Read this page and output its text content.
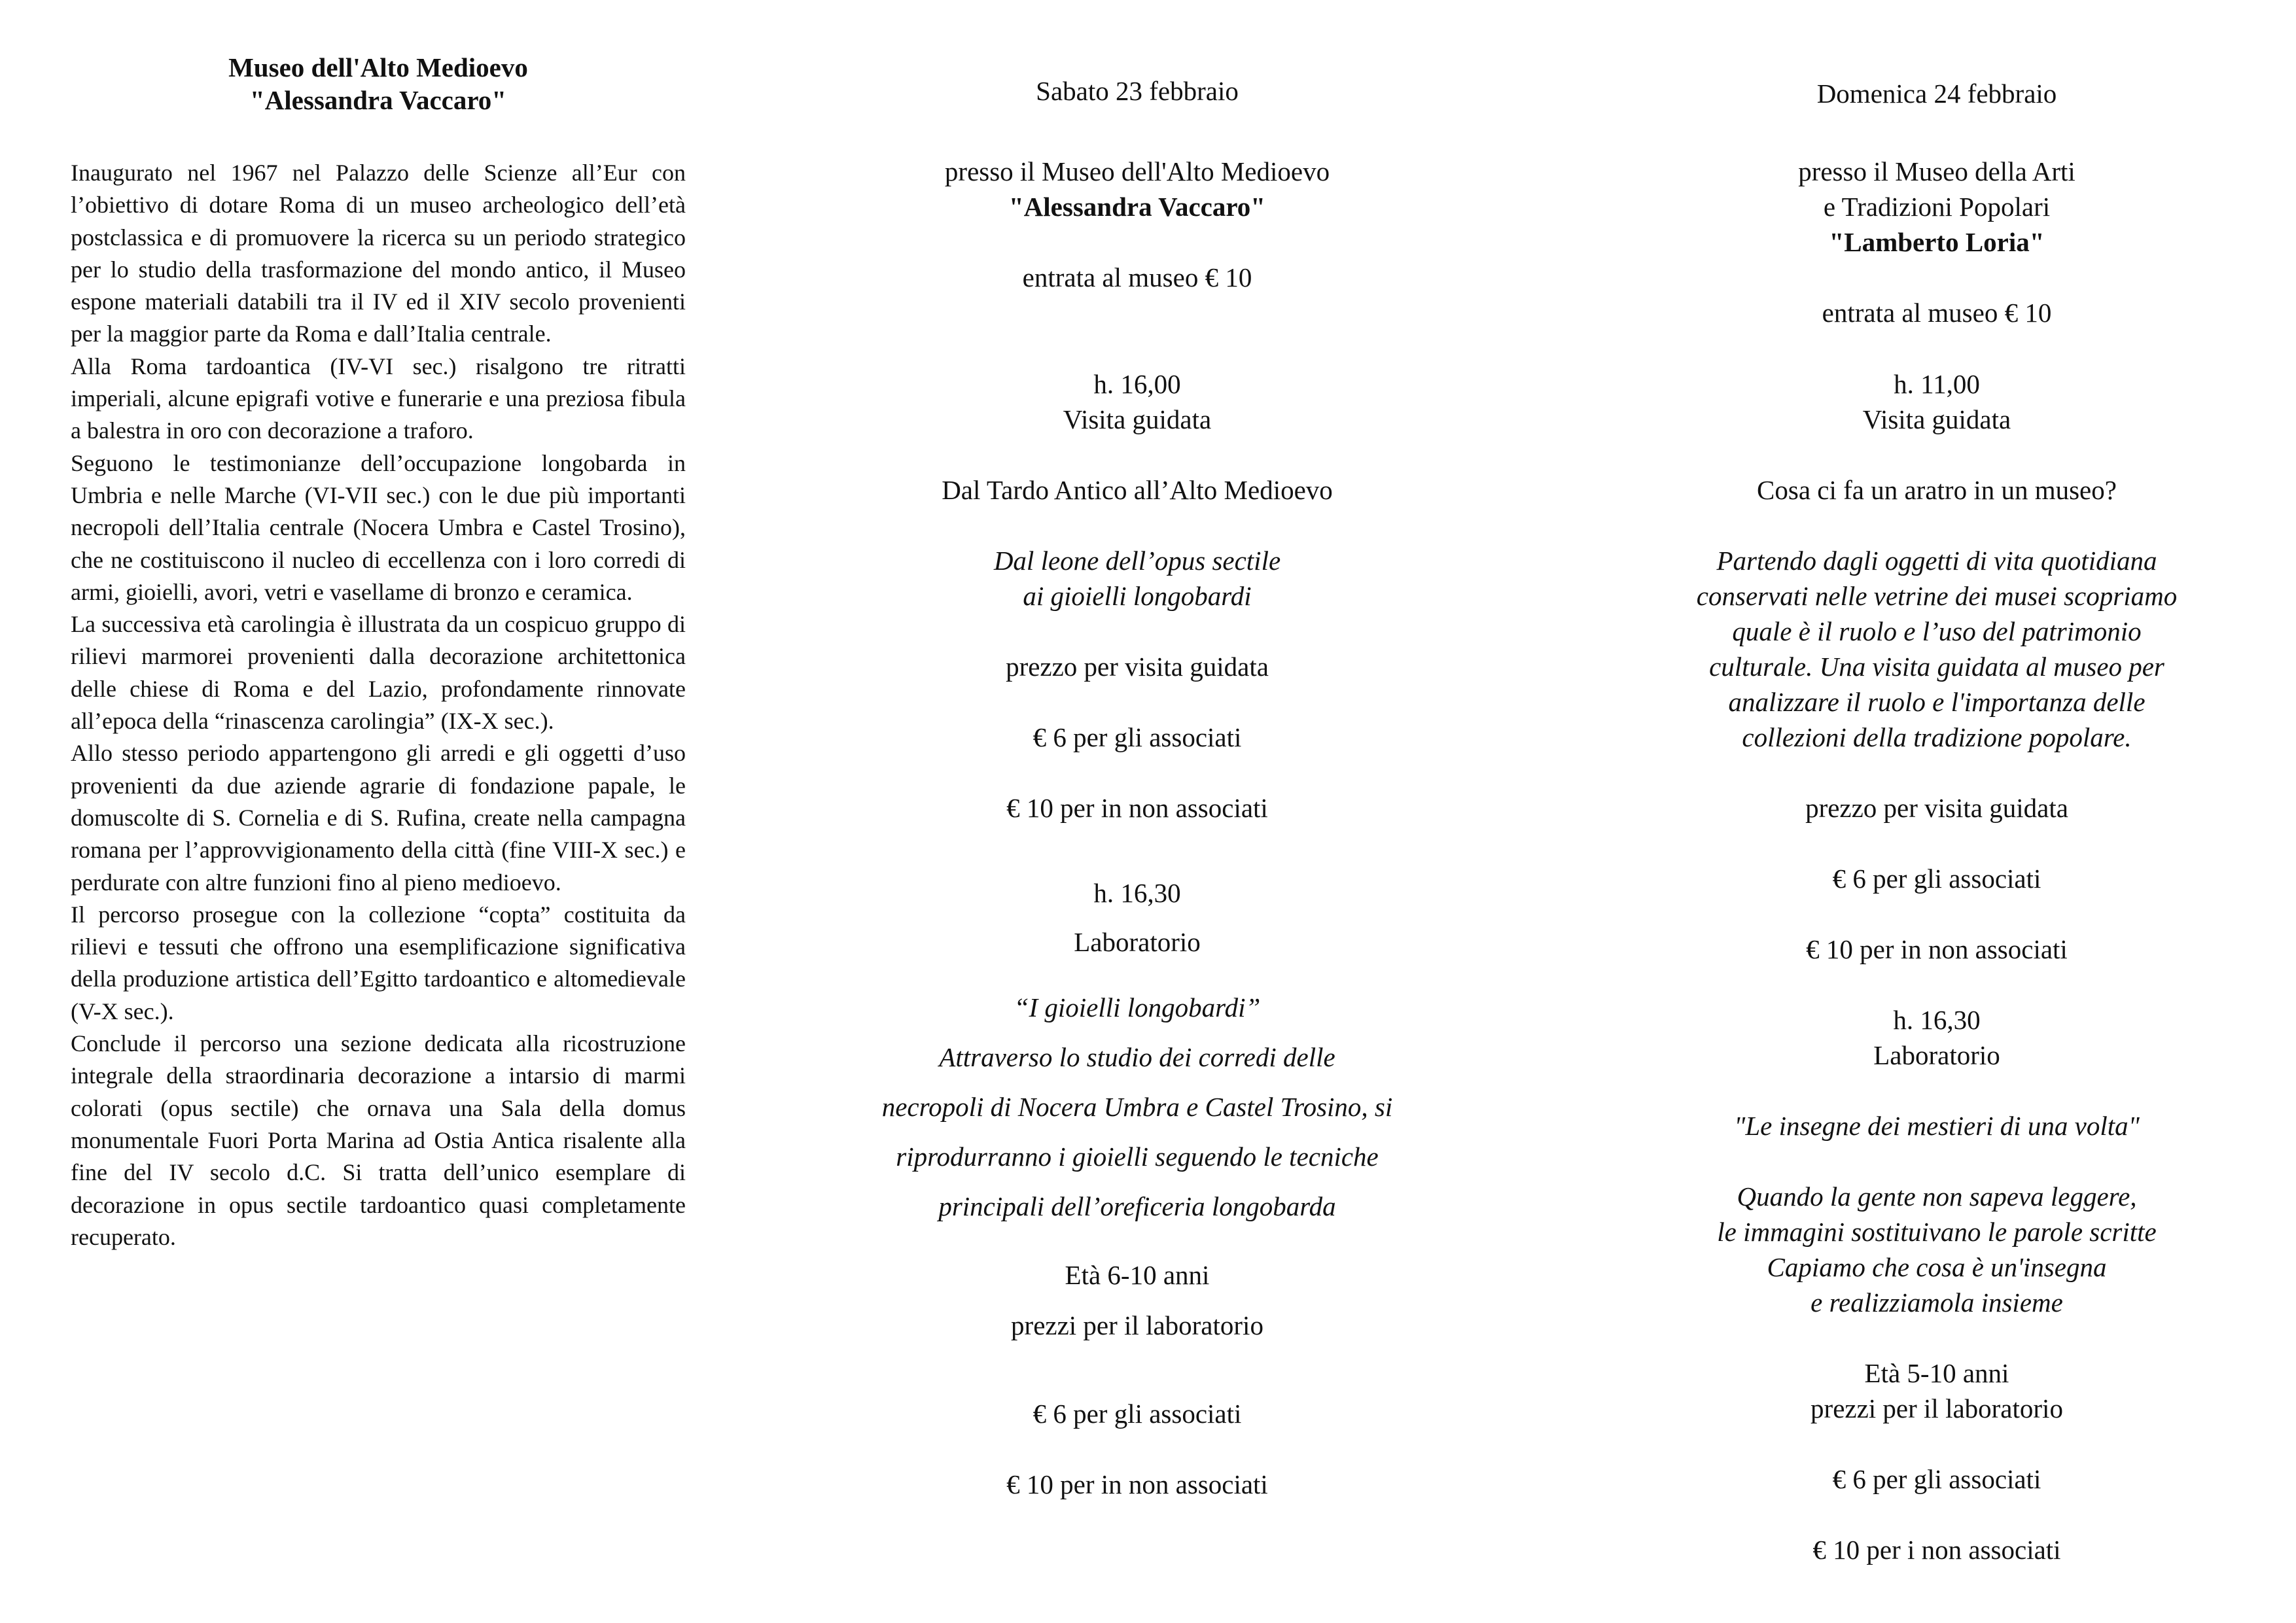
Museo dell'Alto Medioevo
"Alessandra Vaccaro"

Inaugurato nel 1967 nel Palazzo delle Scienze all’Eur con l’obiettivo di dotare Roma di un museo archeologico dell’età postclassica e di promuovere la ricerca su un periodo strategico per lo studio della trasformazione del mondo antico, il Museo espone materiali databili tra il IV ed il XIV secolo provenienti per la maggior parte da Roma e dall’Italia centrale.

Alla Roma tardoantica (IV-VI sec.) risalgono tre ritratti imperiali, alcune epigrafi votive e funerarie e una preziosa fibula a balestra in oro con decorazione a traforo.

Seguono le testimonianze dell’occupazione longobarda in Umbria e nelle Marche (VI-VII sec.) con le due più importanti necropoli dell’Italia centrale (Nocera Umbra e Castel Trosino), che ne costituiscono il nucleo di eccellenza con i loro corredi di armi, gioielli, avori, vetri e vasellame di bronzo e ceramica.

La successiva età carolingia è illustrata da un cospicuo gruppo di rilievi marmorei provenienti dalla decorazione architettonica delle chiese di Roma e del Lazio, profondamente rinnovate all’epoca della “rinascenza carolingia” (IX-X sec.).

Allo stesso periodo appartengono gli arredi e gli oggetti d’uso provenienti da due aziende agrarie di fondazione papale, le domuscolte di S. Cornelia e di S. Rufina, create nella campagna romana per l’approvvigionamento della città (fine VIII-X sec.) e perdurate con altre funzioni fino al pieno medioevo.

Il percorso prosegue con la collezione “copta” costituita da rilievi e tessuti che offrono una esemplificazione significativa della produzione artistica dell’Egitto tardoantico e altomedievale (V-X sec.).

Conclude il percorso una sezione dedicata alla ricostruzione integrale della straordinaria decorazione a intarsio di marmi colorati (opus sectile) che ornava una Sala della domus monumentale Fuori Porta Marina ad Ostia Antica risalente alla fine del IV secolo d.C. Si tratta dell’unico esemplare di decorazione in opus sectile tardoantico quasi completamente recuperato.

Sabato 23 febbraio
presso il Museo dell'Alto Medioevo
"Alessandra Vaccaro"
entrata al museo € 10
h. 16,00
Visita guidata
Dal Tardo Antico all’Alto Medioevo
Dal leone dell’opus sectile
ai gioielli longobardi
prezzo per visita guidata
€ 6 per gli associati
€ 10 per in non associati
h. 16,30
Laboratorio
“I gioielli longobardi”
Attraverso lo studio dei corredi delle
necropoli di Nocera Umbra e Castel Trosino, si
riprodurranno i gioielli seguendo le tecniche
principali dell’oreficeria longobarda
Età 6-10 anni
prezzi per il laboratorio
€ 6 per gli associati
€ 10 per in non associati
Domenica 24 febbraio
presso il Museo della Arti
e Tradizioni Popolari
"Lamberto Loria"
entrata al museo € 10
h. 11,00
Visita guidata
Cosa ci fa un aratro in un museo?
Partendo dagli oggetti di vita quotidiana
conservati nelle vetrine dei musei scopriamo
quale è il ruolo e l’uso del patrimonio
culturale. Una visita guidata al museo per
analizzare il ruolo e l'importanza delle
collezioni della tradizione popolare.
prezzo per visita guidata
€ 6 per gli associati
€ 10 per in non associati
h. 16,30
Laboratorio
"Le insegne dei mestieri di una volta"
Quando la gente non sapeva leggere,
le immagini sostituivano le parole scritte
Capiamo che cosa è un'insegna
e realizziamola insieme
Età 5-10 anni
prezzi per il laboratorio
€ 6 per gli associati
€ 10 per i non associati
